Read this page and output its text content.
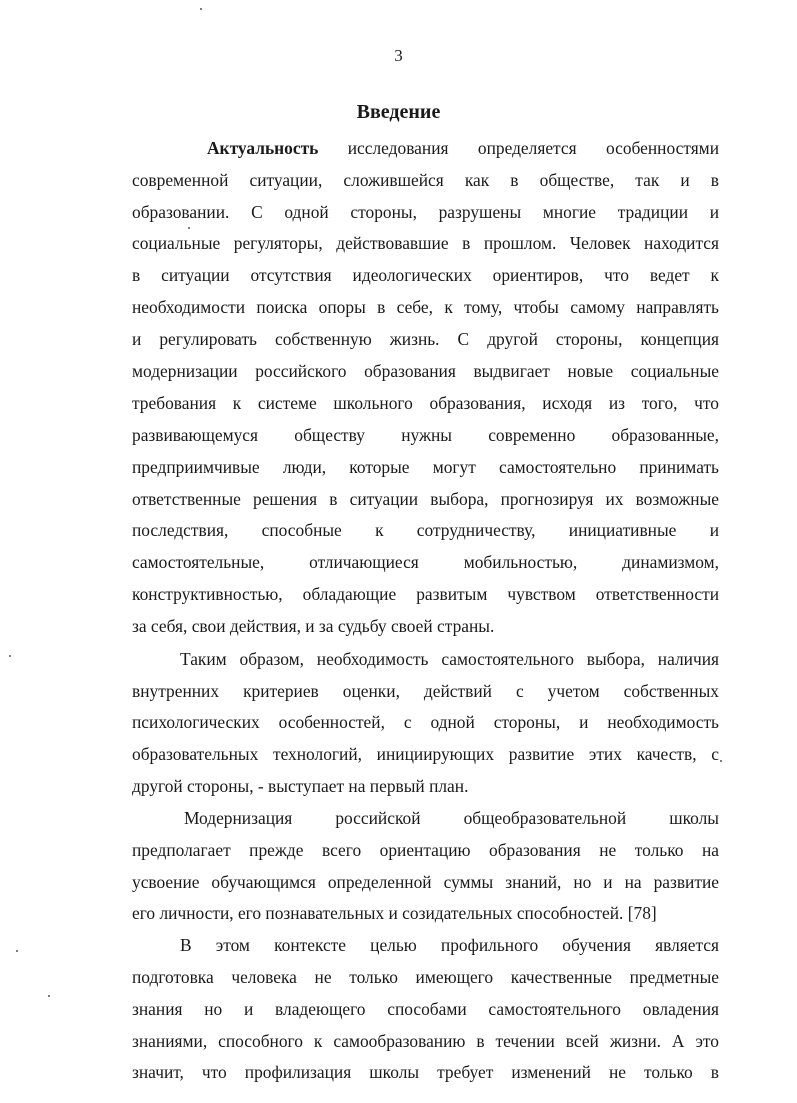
3
Введение
Актуальность исследования определяется особенностями
современной ситуации, сложившейся как в обществе, так и в
образовании. С одной стороны, разрушены многие традиции и
социальные регуляторы, действовавшие в прошлом. Человек находится
в ситуации отсутствия идеологических ориентиров, что ведет к
необходимости поиска опоры в себе, к тому, чтобы самому направлять
и регулировать собственную жизнь. С другой стороны, концепция
модернизации российского образования выдвигает новые социальные
требования к системе школьного образования, исходя из того, что
развивающемуся обществу нужны современно образованные,
предприимчивые люди, которые могут самостоятельно принимать
ответственные решения в ситуации выбора, прогнозируя их возможные
последствия, способные к сотрудничеству, инициативные и
самостоятельные, отличающиеся мобильностью, динамизмом,
конструктивностью, обладающие развитым чувством ответственности
за себя, свои действия, и за судьбу своей страны.
Таким образом, необходимость самостоятельного выбора, наличия
внутренних критериев оценки, действий с учетом собственных
психологических особенностей, с одной стороны, и необходимость
образовательных технологий, инициирующих развитие этих качеств, с
другой стороны, - выступает на первый план.
Модернизация российской общеобразовательной школы
предполагает прежде всего ориентацию образования не только на
усвоение обучающимся определенной суммы знаний, но и на развитие
его личности, его познавательных и созидательных способностей. [78]
В этом контексте целью профильного обучения является
подготовка человека не только имеющего качественные предметные
знания но и владеющего способами самостоятельного овладения
знаниями, способного к самообразованию в течении всей жизни. А это
значит, что профилизация школы требует изменений не только в
